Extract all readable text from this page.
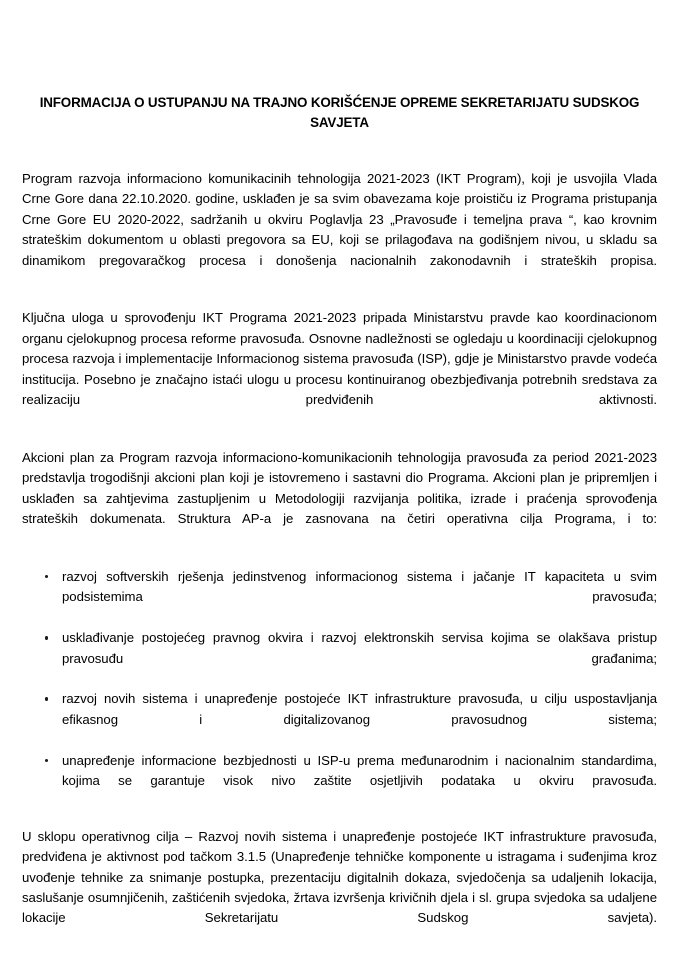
INFORMACIJA O USTUPANJU NA TRAJNO KORIŠĆENJE OPREME SEKRETARIJATU SUDSKOG SAVJETA

Program razvoja informaciono komunikacinih tehnologija 2021-2023 (IKT Program), koji je usvojila Vlada Crne Gore dana 22.10.2020. godine, usklađen je sa svim obavezama koje proističu iz Programa pristupanja Crne Gore EU 2020-2022, sadržanih u okviru Poglavlja 23 „Pravosuđe i temeljna prava “, kao krovnim strateškim dokumentom u oblasti pregovora sa EU, koji se prilagođava na godišnjem nivou, u skladu sa dinamikom pregovaračkog procesa i donošenja nacionalnih zakonodavnih i strateških propisa.

Ključna uloga u sprovođenju IKT Programa 2021-2023 pripada Ministarstvu pravde kao koordinacionom organu cjelokupnog procesa reforme pravosuđa. Osnovne nadležnosti se ogledaju u koordinaciji cjelokupnog procesa razvoja i implementacije Informacionog sistema pravosuđa (ISP), gdje je Ministarstvo pravde vodeća institucija. Posebno je značajno istaći ulogu u procesu kontinuiranog obezbjeđivanja potrebnih sredstava za realizaciju predviđenih aktivnosti.

Akcioni plan za Program razvoja informaciono-komunikacionih tehnologija pravosuđa za period 2021-2023 predstavlja trogodišnji akcioni plan koji je istovremeno i sastavni dio Programa. Akcioni plan je pripremljen i usklađen sa zahtjevima zastupljenim u Metodologiji razvijanja politika, izrade i praćenja sprovođenja strateških dokumenata. Struktura AP-a je zasnovana na četiri operativna cilja Programa, i to:

razvoj softverskih rješenja jedinstvenog informacionog sistema i jačanje IT kapaciteta u svim podsistemima pravosuđa;
usklađivanje postojećeg pravnog okvira i razvoj elektronskih servisa kojima se olakšava pristup pravosuđu građanima;
razvoj novih sistema i unapređenje postojeće IKT infrastrukture pravosuđa, u cilju uspostavljanja efikasnog i digitalizovanog pravosudnog sistema;
unapređenje informacione bezbjednosti u ISP-u prema međunarodnim i nacionalnim standardima, kojima se garantuje visok nivo zaštite osjetljivih podataka u okviru pravosuđa.

U sklopu operativnog cilja – Razvoj novih sistema i unapređenje postojeće IKT infrastrukture pravosuđa, predviđena je aktivnost pod tačkom 3.1.5 (Unapređenje tehničke komponente u istragama i suđenjima kroz uvođenje tehnike za snimanje postupka, prezentaciju digitalnih dokaza, svjedočenja sa udaljenih lokacija, saslušanje osumnjičenih, zaštićenih svjedoka, žrtava izvršenja krivičnih djela i sl. grupa svjedoka sa udaljene lokacije Sekretarijatu Sudskog savjeta).
